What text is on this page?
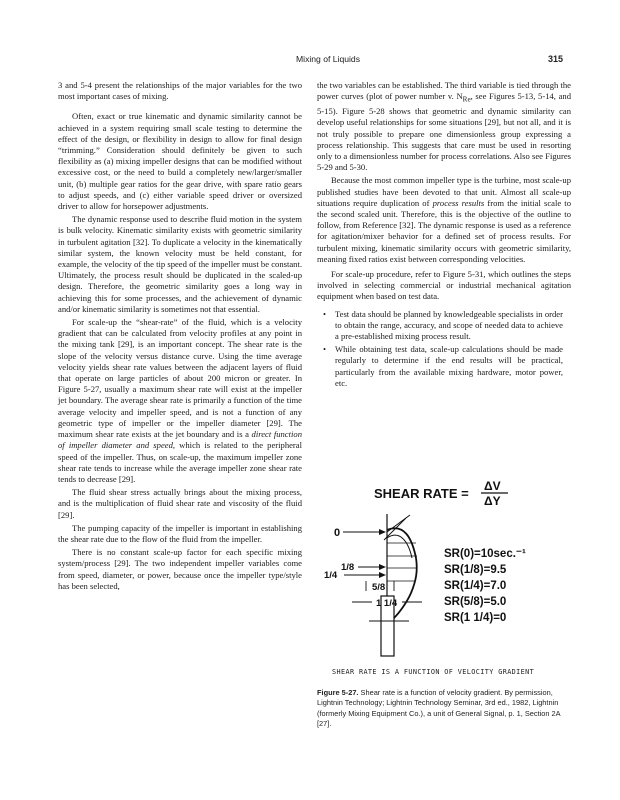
Mixing of Liquids	315

3 and 5-4 present the relationships of the major variables for the two most important cases of mixing.

Often, exact or true kinematic and dynamic similarity cannot be achieved in a system requiring small scale testing to determine the effect of the design, or flexibility in design to allow for final design “trimming.” Consideration should definitely be given to such flexibility as (a) mixing impeller designs that can be modified without excessive cost, or the need to build a completely new/larger/smaller unit, (b) multiple gear ratios for the gear drive, with spare ratio gears to adjust speeds, and (c) either variable speed driver or oversized driver to allow for horsepower adjustments.

The dynamic response used to describe fluid motion in the system is bulk velocity. Kinematic similarity exists with geometric similarity in turbulent agitation [32]. To duplicate a velocity in the kinematically similar system, the known velocity must be held constant, for example, the velocity of the tip speed of the impeller must be constant. Ultimately, the process result should be duplicated in the scaled-up design. Therefore, the geometric similarity goes a long way in achieving this for some processes, and the achievement of dynamic and/or kinematic similarity is sometimes not that essential.

For scale-up the “shear-rate” of the fluid, which is a velocity gradient that can be calculated from velocity profiles at any point in the mixing tank [29], is an important concept. The shear rate is the slope of the velocity versus distance curve. Using the time average velocity yields shear rate values between the adjacent layers of fluid that operate on large particles of about 200 micron or greater. In Figure 5-27, usually a maximum shear rate will exist at the impeller jet boundary. The average shear rate is primarily a function of the time average velocity and impeller speed, and is not a function of any geometric type of impeller or the impeller diameter [29]. The maximum shear rate exists at the jet boundary and is a direct function of impeller diameter and speed, which is related to the peripheral speed of the impeller. Thus, on scale-up, the maximum impeller zone shear rate tends to increase while the average impeller zone shear rate tends to decrease [29].

The fluid shear stress actually brings about the mixing process, and is the multiplication of fluid shear rate and viscosity of the fluid [29].

The pumping capacity of the impeller is important in establishing the shear rate due to the flow of the fluid from the impeller.

There is no constant scale-up factor for each specific mixing system/process [29]. The two independent impeller variables come from speed, diameter, or power, because once the impeller type/style has been selected,

the two variables can be established. The third variable is tied through the power curves (plot of power number v. $N_{Re}$, see Figures 5-13, 5-14, and 5-15). Figure 5-28 shows that geometric and dynamic similarity can develop useful relationships for some situations [29], but not all, and it is not truly possible to prepare one dimensionless group expressing a process relationship. This suggests that care must be used in resorting only to a dimensionless number for process correlations. Also see Figures 5-29 and 5-30.

Because the most common impeller type is the turbine, most scale-up published studies have been devoted to that unit. Almost all scale-up situations require duplication of process results from the initial scale to the second scaled unit. Therefore, this is the objective of the outline to follow, from Reference [32]. The dynamic response is used as a reference for agitation/mixer behavior for a defined set of process results. For turbulent mixing, kinematic similarity occurs with geometric similarity, meaning fixed ratios exist between corresponding velocities.

For scale-up procedure, refer to Figure 5-31, which outlines the steps involved in selecting commercial or industrial mechanical agitation equipment when based on test data.

• Test data should be planned by knowledgeable specialists in order to obtain the range, accuracy, and scope of needed data to achieve a pre-established mixing process result.
• While obtaining test data, scale-up calculations should be made regularly to determine if the end results will be practical, particularly from the available mixing hardware, motor power, etc.
SHEAR RATE = ΔV
ΔY
0
1/8
1/4
5/8
1 1/4
SR(0)=10sec.⁻¹
SR(1/8)=9.5
SR(1/4)=7.0
SR(5/8)=5.0
SR(1 1/4)=0
SHEAR RATE IS A FUNCTION OF VELOCITY GRADIENT
Figure 5-27. Shear rate is a function of velocity gradient. By permission, Lightnin Technology; Lightnin Technology Seminar, 3rd ed., 1982, Lightnin (formerly Mixing Equipment Co.), a unit of General Signal, p. 1, Section 2A [27].
